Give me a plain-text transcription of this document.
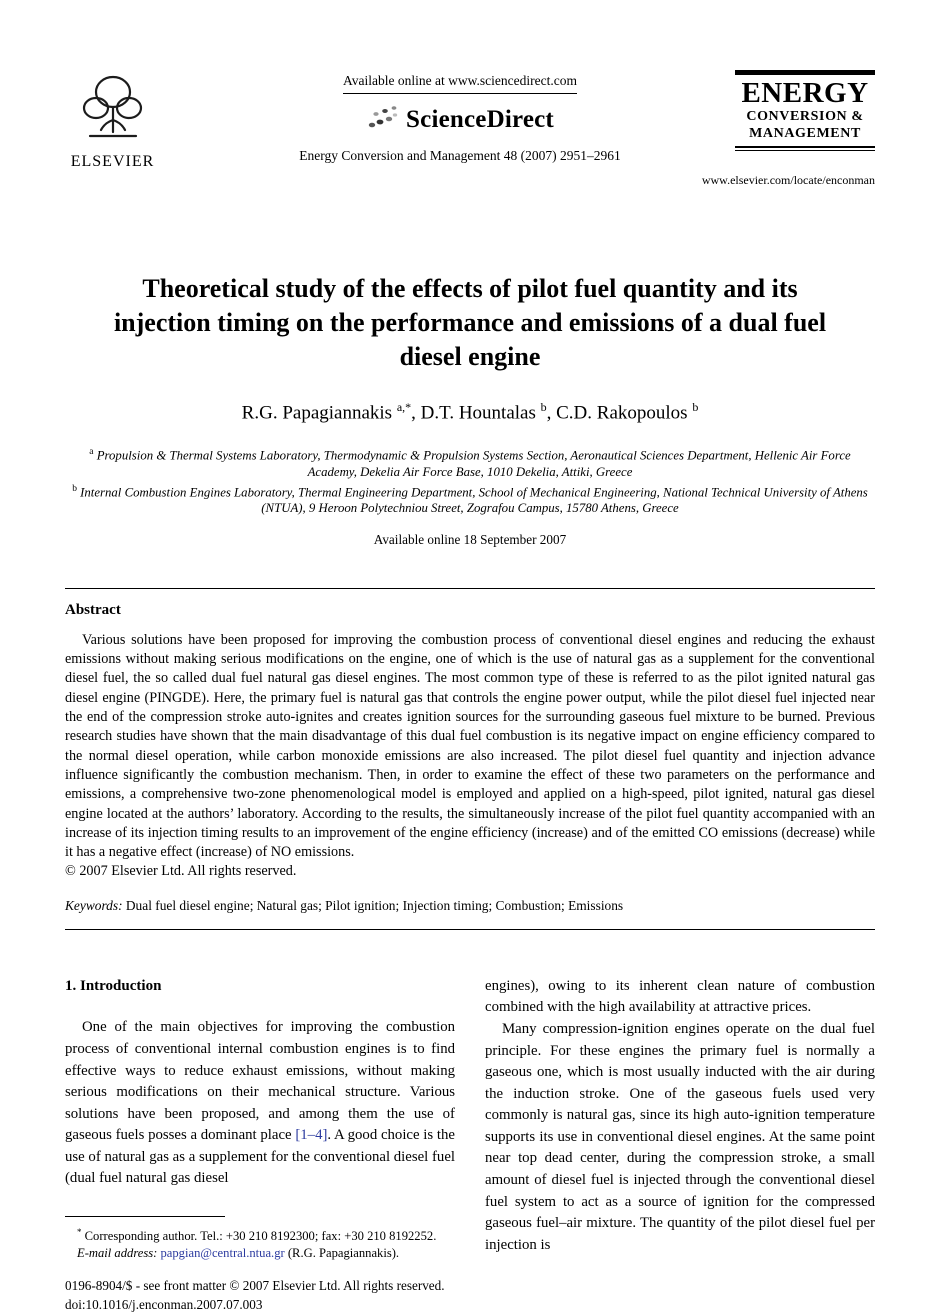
ELSEVIER
Available online at www.sciencedirect.com
ScienceDirect
Energy Conversion and Management 48 (2007) 2951–2961
ENERGY
CONVERSION &
MANAGEMENT
www.elsevier.com/locate/enconman
Theoretical study of the effects of pilot fuel quantity and its injection timing on the performance and emissions of a dual fuel diesel engine
R.G. Papagiannakis $^{a,*}$, D.T. Hountalas $^b$, C.D. Rakopoulos $^b$
$^a$ Propulsion & Thermal Systems Laboratory, Thermodynamic & Propulsion Systems Section, Aeronautical Sciences Department, Hellenic Air Force Academy, Dekelia Air Force Base, 1010 Dekelia, Attiki, Greece
$^b$ Internal Combustion Engines Laboratory, Thermal Engineering Department, School of Mechanical Engineering, National Technical University of Athens (NTUA), 9 Heroon Polytechniou Street, Zografou Campus, 15780 Athens, Greece
Available online 18 September 2007
Abstract

Various solutions have been proposed for improving the combustion process of conventional diesel engines and reducing the exhaust emissions without making serious modifications on the engine, one of which is the use of natural gas as a supplement for the conventional diesel fuel, the so called dual fuel natural gas diesel engines. The most common type of these is referred to as the pilot ignited natural gas diesel engine (PINGDE). Here, the primary fuel is natural gas that controls the engine power output, while the pilot diesel fuel injected near the end of the compression stroke auto-ignites and creates ignition sources for the surrounding gaseous fuel mixture to be burned. Previous research studies have shown that the main disadvantage of this dual fuel combustion is its negative impact on engine efficiency compared to the normal diesel operation, while carbon monoxide emissions are also increased. The pilot diesel fuel quantity and injection advance influence significantly the combustion mechanism. Then, in order to examine the effect of these two parameters on the performance and emissions, a comprehensive two-zone phenomenological model is employed and applied on a high-speed, pilot ignited, natural gas diesel engine located at the authors’ laboratory. According to the results, the simultaneously increase of the pilot fuel quantity accompanied with an increase of its injection timing results to an improvement of the engine efficiency (increase) and of the emitted CO emissions (decrease) while it has a negative effect (increase) of NO emissions.

© 2007 Elsevier Ltd. All rights reserved.

Keywords: Dual fuel diesel engine; Natural gas; Pilot ignition; Injection timing; Combustion; Emissions
1. Introduction

One of the main objectives for improving the combustion process of conventional internal combustion engines is to find effective ways to reduce exhaust emissions, without making serious modifications on their mechanical structure. Various solutions have been proposed, and among them the use of gaseous fuels posses a dominant place [1–4]. A good choice is the use of natural gas as a supplement for the conventional diesel fuel (dual fuel natural gas diesel

* Corresponding author. Tel.: +30 210 8192300; fax: +30 210 8192252.
E-mail address: papgian@central.ntua.gr (R.G. Papagiannakis).
0196-8904/$ - see front matter © 2007 Elsevier Ltd. All rights reserved.
doi:10.1016/j.enconman.2007.07.003

engines), owing to its inherent clean nature of combustion combined with the high availability at attractive prices.

Many compression-ignition engines operate on the dual fuel principle. For these engines the primary fuel is normally a gaseous one, which is most usually inducted with the air during the induction stroke. One of the gaseous fuels used very commonly is natural gas, since its high auto-ignition temperature supports its use in conventional diesel engines. At the same point near top dead center, during the compression stroke, a small amount of diesel fuel is injected through the conventional diesel fuel system to act as a source of ignition for the compressed gaseous fuel–air mixture. The quantity of the pilot diesel fuel per injection is
